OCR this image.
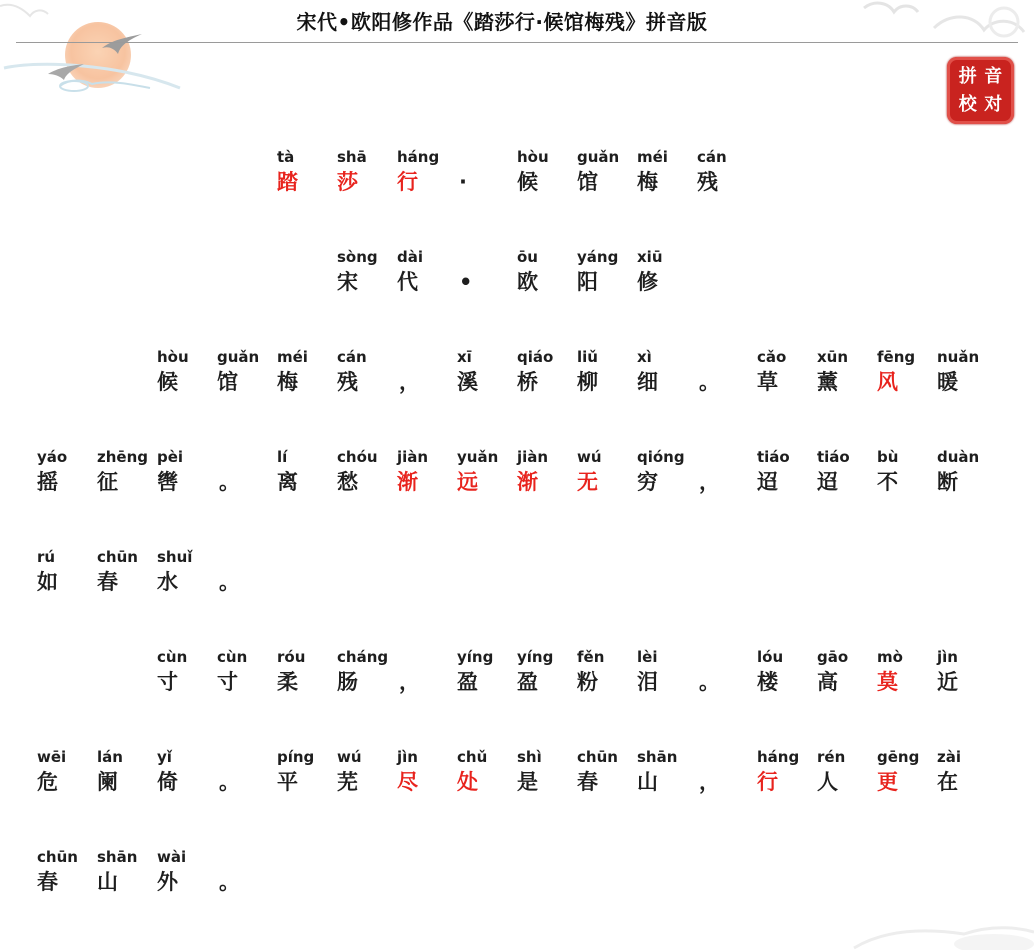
宋代•欧阳修作品《踏莎行·候馆梅残》拼音版
拼 音
校 对
tà
踏
shā
莎
háng
行 ·
hòu
候
guǎn
馆
méi
梅
cán
残
sòng
宋
dài
代 •
ōu
欧
yáng
阳
xiū
修
hòu
候
guǎn
馆
méi
梅
cán
残 ，
xī
溪
qiáo
桥
liǔ
柳
xì
细 。
cǎo
草
xūn
薰
fēng
风
nuǎn
暖
yáo
摇
zhēng
征
pèi
辔 。
lí
离
chóu
愁
jiàn
渐
yuǎn
远
jiàn
渐
wú
无
qióng
穷 ，
tiáo
迢
tiáo
迢
bù
不
duàn
断
rú
如
chūn
春
shuǐ
水 。
cùn
寸
cùn
寸
róu
柔
cháng
肠 ，
yíng
盈
yíng
盈
fěn
粉
lèi
泪 。
lóu
楼
gāo
高
mò
莫
jìn
近
wēi
危
lán
阑
yǐ
倚 。
píng
平
wú
芜
jìn
尽
chǔ
处
shì
是
chūn
春
shān
山 ，
háng
行
rén
人
gēng
更
zài
在
chūn
春
shān
山
wài
外 。
